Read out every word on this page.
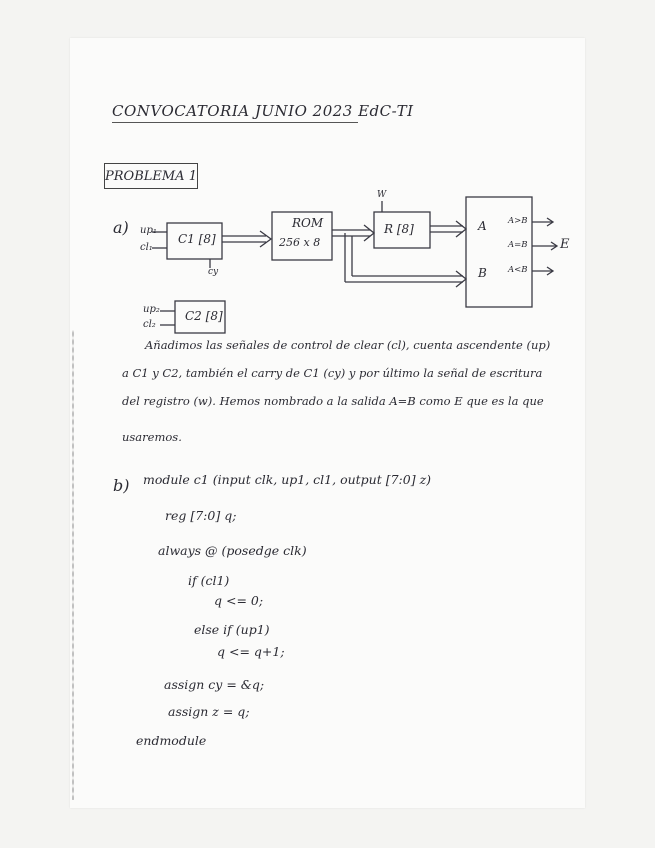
CONVOCATORIA JUNIO 2023 EdC-TI
PROBLEMA 1
a) up₁
cl₁
C1 [8]
cy
ROM
256 x 8
R [8]
W
A
B
A>B
A=B
A<B
E
up₂
cl₂
C2 [8]
Añadimos las señales de control de clear (cl), cuenta ascendente (up)
a C1 y C2, también el carry de C1 (cy) y por último la señal de escritura
del registro (w). Hemos nombrado a la salida A=B como E que es la que
usaremos.
b) module c1 (input clk, up1, cl1, output [7:0] z)
reg [7:0] q;
always @ (posedge clk)
if (cl1)
q <= 0;
else if (up1)
q <= q+1;
assign cy = &q;
assign z = q;
endmodule
